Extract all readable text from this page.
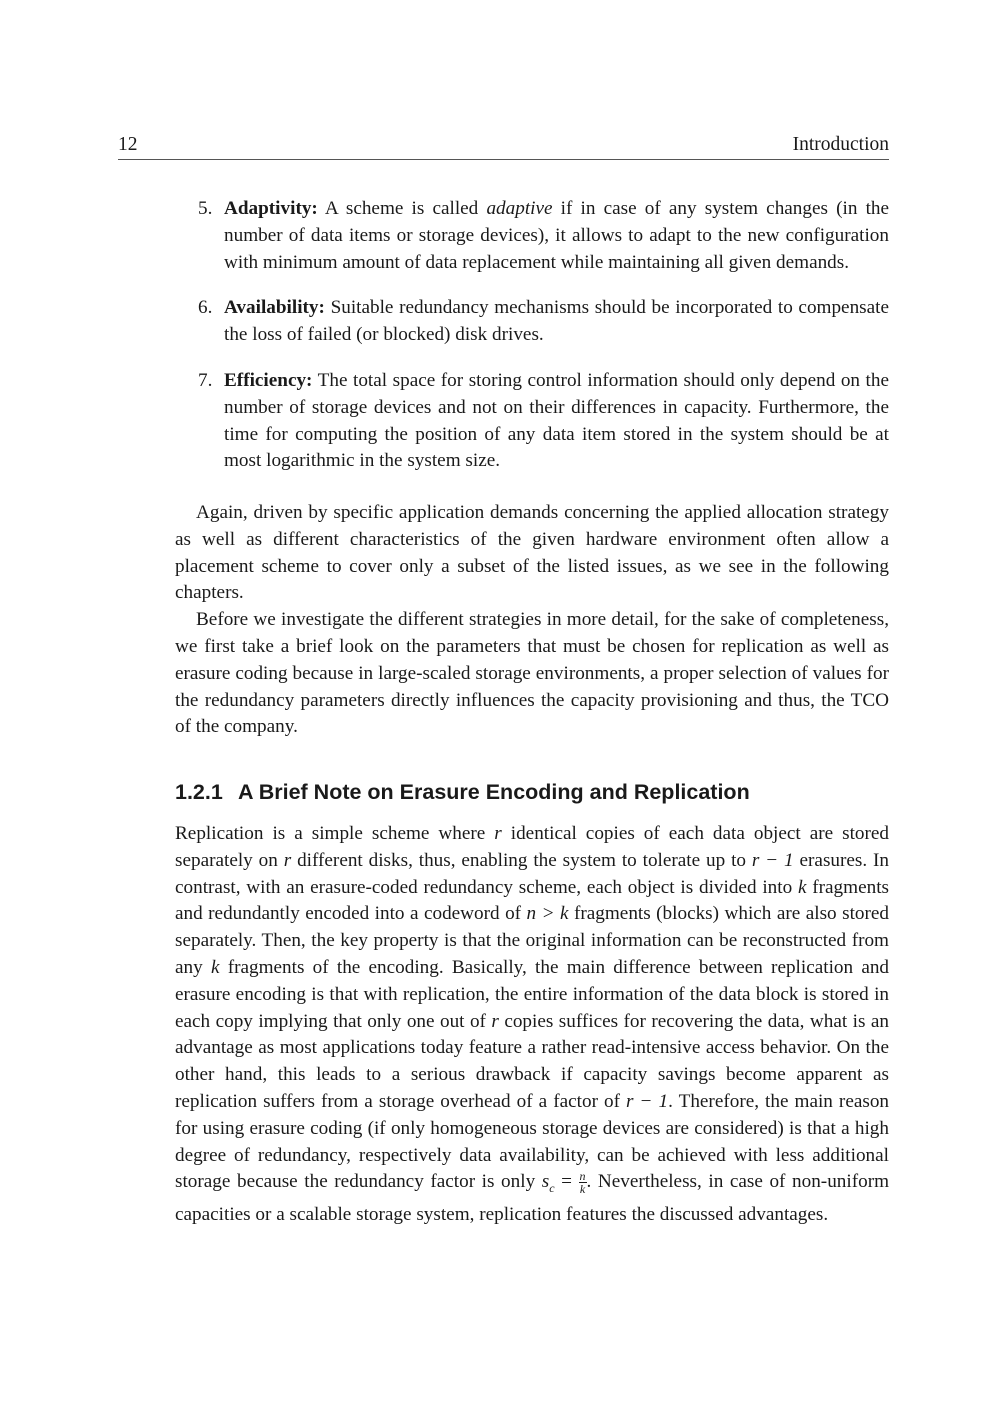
12	Introduction
5. Adaptivity: A scheme is called adaptive if in case of any system changes (in the number of data items or storage devices), it allows to adapt to the new configuration with minimum amount of data replacement while maintaining all given demands.
6. Availability: Suitable redundancy mechanisms should be incorporated to compensate the loss of failed (or blocked) disk drives.
7. Efficiency: The total space for storing control information should only depend on the number of storage devices and not on their differences in capacity. Furthermore, the time for computing the position of any data item stored in the system should be at most logarithmic in the system size.

Again, driven by specific application demands concerning the applied allocation strategy as well as different characteristics of the given hardware environment often allow a placement scheme to cover only a subset of the listed issues, as we see in the following chapters.

Before we investigate the different strategies in more detail, for the sake of completeness, we first take a brief look on the parameters that must be chosen for replication as well as erasure coding because in large-scaled storage environments, a proper selection of values for the redundancy parameters directly influences the capacity provisioning and thus, the TCO of the company.

1.2.1 A Brief Note on Erasure Encoding and Replication

Replication is a simple scheme where r identical copies of each data object are stored separately on r different disks, thus, enabling the system to tolerate up to r − 1 erasures. In contrast, with an erasure-coded redundancy scheme, each object is divided into k fragments and redundantly encoded into a codeword of n > k fragments (blocks) which are also stored separately. Then, the key property is that the original information can be reconstructed from any k fragments of the encoding. Basically, the main difference between replication and erasure encoding is that with replication, the entire information of the data block is stored in each copy implying that only one out of r copies suffices for recovering the data, what is an advantage as most applications today feature a rather read-intensive access behavior. On the other hand, this leads to a serious drawback if capacity savings become apparent as replication suffers from a storage overhead of a factor of r − 1. Therefore, the main reason for using erasure coding (if only homogeneous storage devices are considered) is that a high degree of redundancy, respectively data availability, can be achieved with less additional storage because the redundancy factor is only $s_c = \frac{n}{k}$ . Nevertheless, in case of non-uniform capacities or a scalable storage system, replication features the discussed advantages.
